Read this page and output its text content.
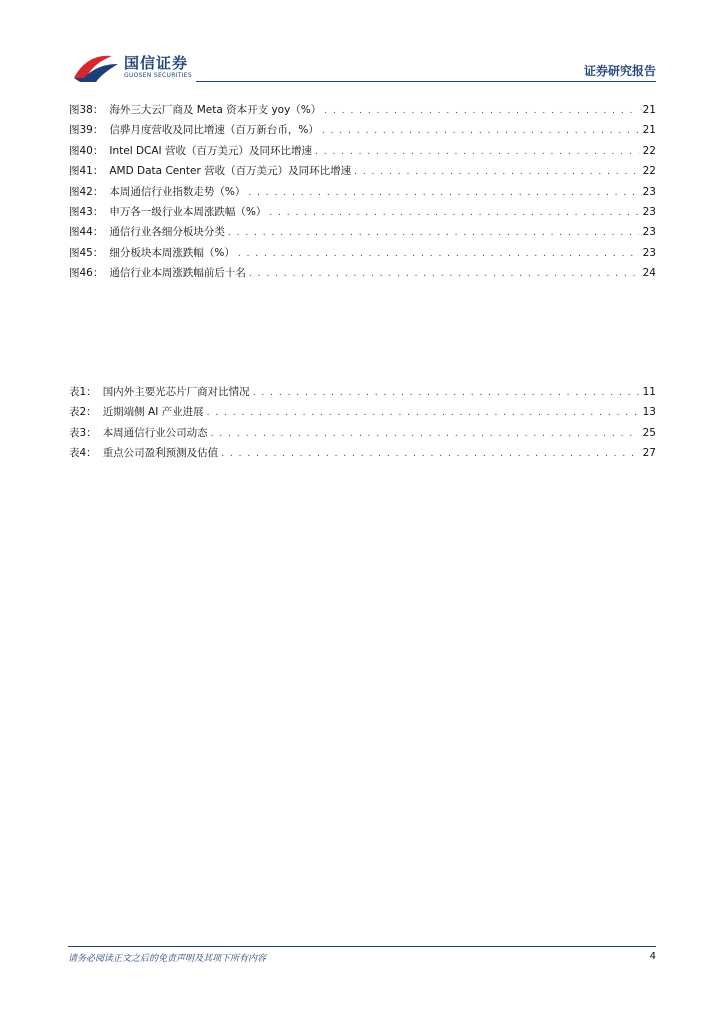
国信证券
GUOSEN SECURITIES	证券研究报告
图38： 海外三大云厂商及 Meta 资本开支 yoy（%） . . .	21
图39： 信骅月度营收及同比增速（百万新台币，%） . . .	21
图40： Intel DCAI 营收（百万美元）及同环比增速 . . .	22
图41： AMD Data Center 营收（百万美元）及同环比增速 . . .	22
图42： 本周通信行业指数走势（%） . . .	23
图43： 申万各一级行业本周涨跌幅（%） . . .	23
图44： 通信行业各细分板块分类 . . .	23
图45： 细分板块本周涨跌幅（%） . . .	23
图46： 通信行业本周涨跌幅前后十名 . . .	24
表1： 国内外主要光芯片厂商对比情况 . . .	11
表2： 近期端侧 AI 产业进展 . . .	13
表3： 本周通信行业公司动态 . . .	25
表4： 重点公司盈利预测及估值 . . .	27
请务必阅读正文之后的免责声明及其项下所有内容	4
